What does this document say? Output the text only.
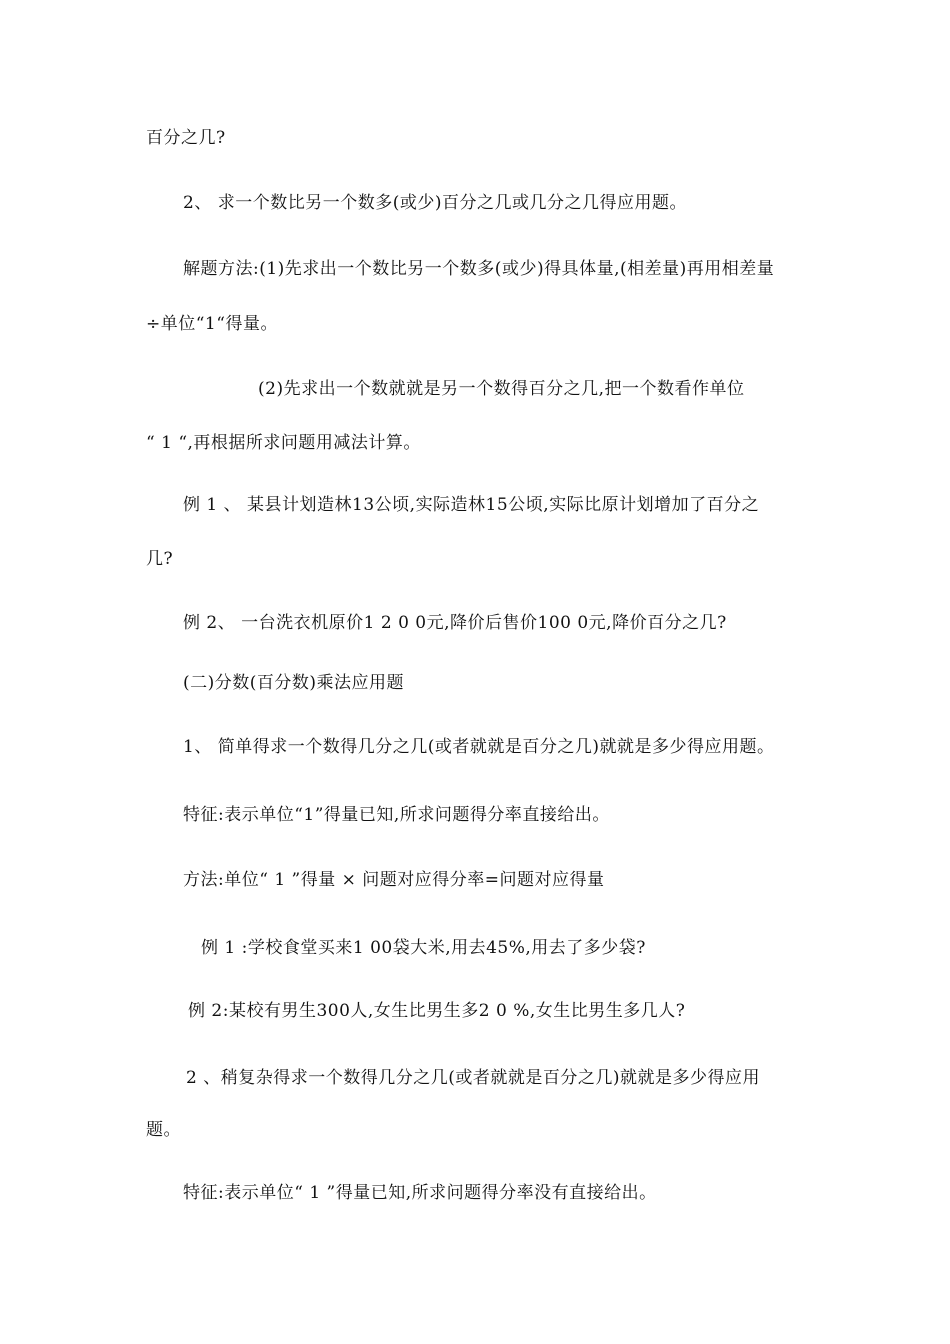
百分之几?
2、 求一个数比另一个数多(或少)百分之几或几分之几得应用题。
解题方法:(1)先求出一个数比另一个数多(或少)得具体量,(相差量)再用相差量
÷单位“1“得量。
(2)先求出一个数就就是另一个数得百分之几,把一个数看作单位
“ 1 “,再根据所求问题用减法计算。
例 1 、 某县计划造林13公顷,实际造林15公顷,实际比原计划增加了百分之
几?
例 2、 一台洗衣机原价1 2 0 0元,降价后售价100 0元,降价百分之几?
(二)分数(百分数)乘法应用题
1、 简单得求一个数得几分之几(或者就就是百分之几)就就是多少得应用题。
特征:表示单位“1”得量已知,所求问题得分率直接给出。
方法:单位“ 1 ”得量 × 问题对应得分率=问题对应得量
例 1 :学校食堂买来1 00袋大米,用去45%,用去了多少袋?
例 2:某校有男生300人,女生比男生多2 0 %,女生比男生多几人?
2 、稍复杂得求一个数得几分之几(或者就就是百分之几)就就是多少得应用
题。
特征:表示单位“ 1 ”得量已知,所求问题得分率没有直接给出。
